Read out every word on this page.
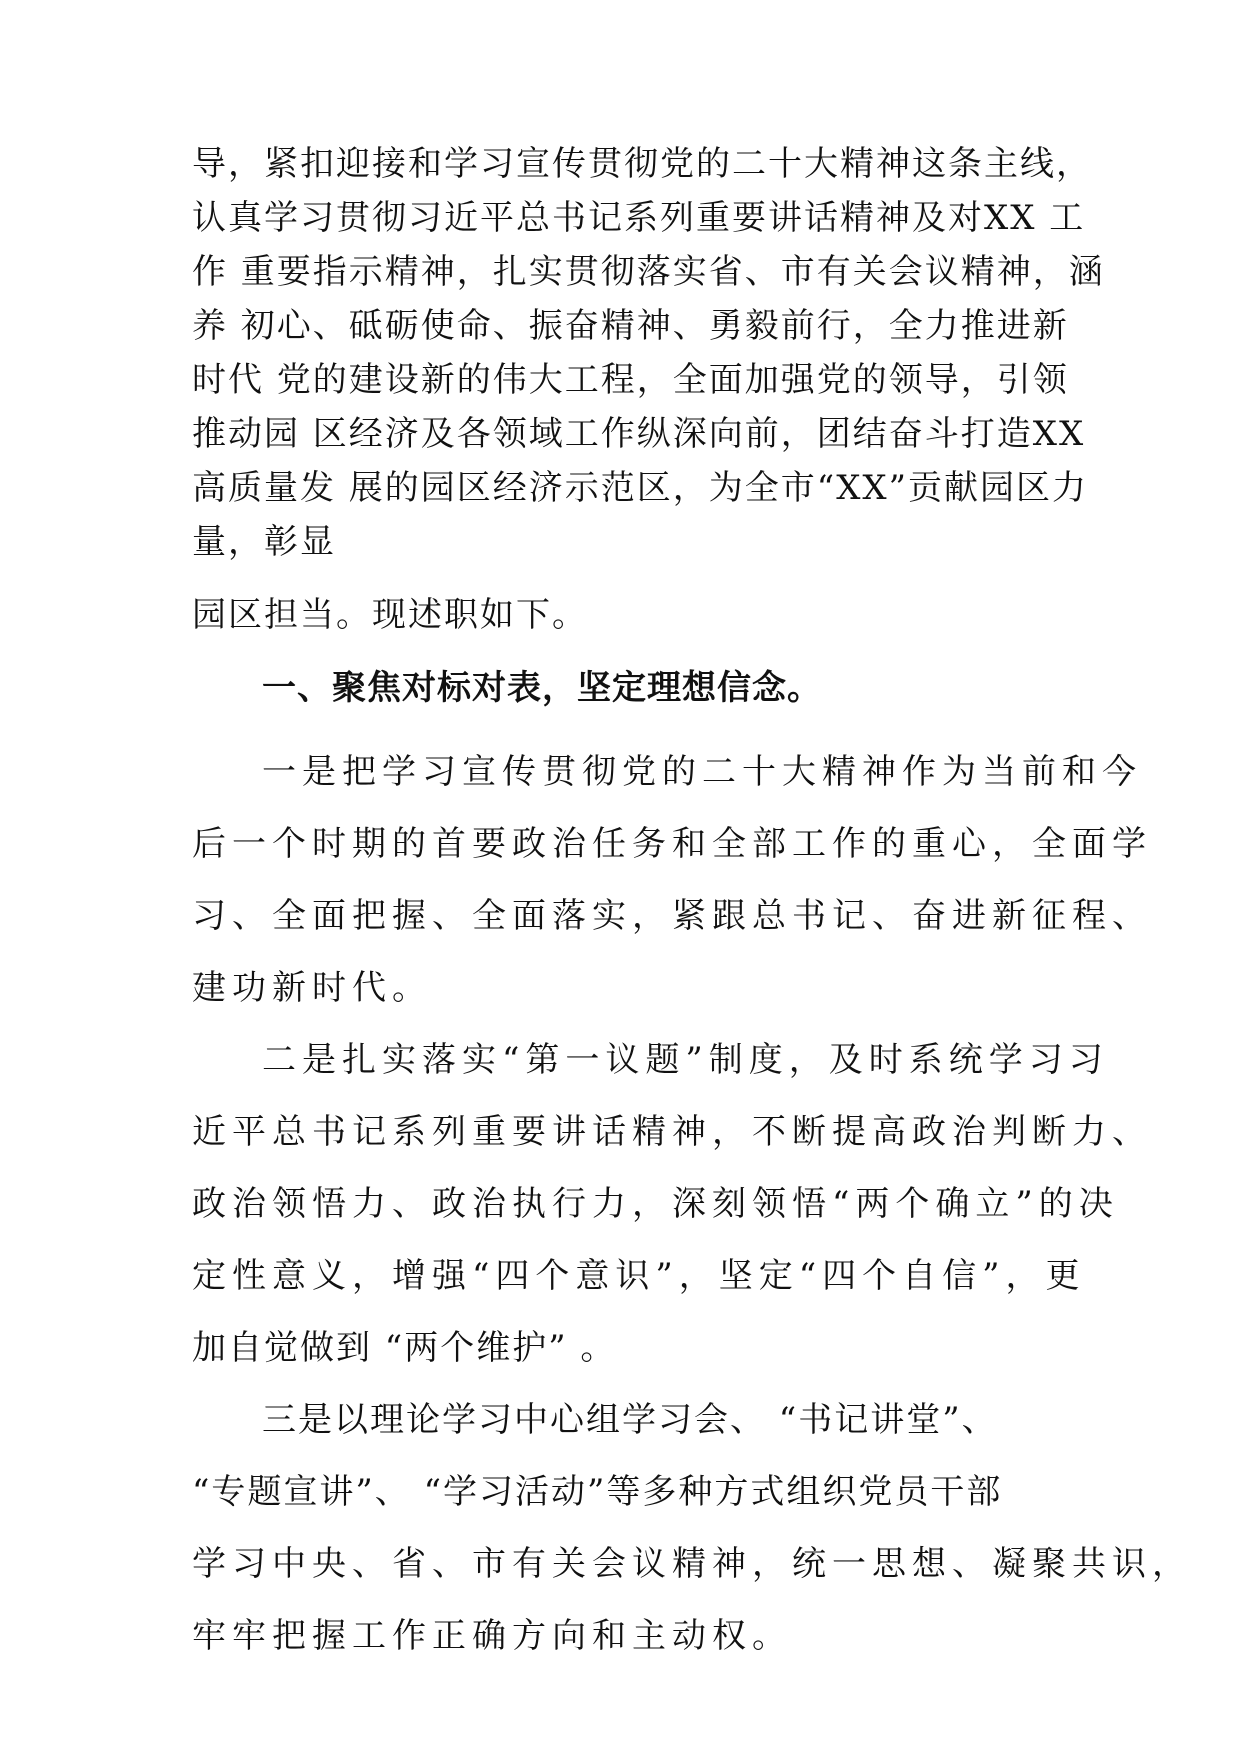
导，紧扣迎接和学习宣传贯彻党的二十大精神这条主线，
认真学习贯彻习近平总书记系列重要讲话精神及对XX 工
作 重要指示精神，扎实贯彻落实省、市有关会议精神，涵
养 初心、砥砺使命、振奋精神、勇毅前行，全力推进新
时代 党的建设新的伟大工程，全面加强党的领导，引领
推动园 区经济及各领域工作纵深向前，团结奋斗打造XX
高质量发 展的园区经济示范区，为全市“XX”贡献园区力
量，彰显
园区担当。现述职如下。
一、聚焦对标对表，坚定理想信念。
一是把学习宣传贯彻党的二十大精神作为当前和今
后一个时期的首要政治任务和全部工作的重心，全面学
习、全面把握、全面落实，紧跟总书记、奋进新征程、
建功新时代。
二是扎实落实“第一议题”制度，及时系统学习习
近平总书记系列重要讲话精神，不断提高政治判断力、
政治领悟力、政治执行力，深刻领悟“两个确立”的决
定性意义，增强“四个意识”，坚定“四个自信”，更
加自觉做到 “两个维护” 。
三是以理论学习中心组学习会、 “书记讲堂”、
“专题宣讲”、 “学习活动”等多种方式组织党员干部
学习中央、省、市有关会议精神，统一思想、凝聚共识，
牢牢把握工作正确方向和主动权。
